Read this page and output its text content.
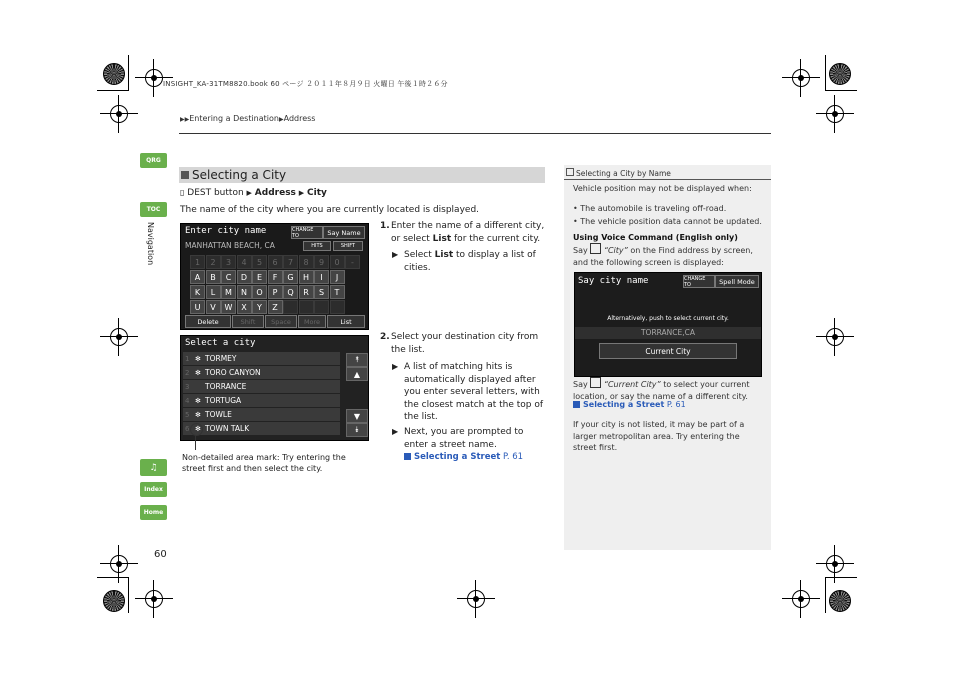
INSIGHT_KA-31TM8820.book 60 ページ ２０１１年８月９日 火曜日 午後１時２６分
▶▶Entering a Destination▶Address
QRG
TOC
Navigation
♫
Index
Home
60
Selecting a City
▯ DEST button ▶ Address ▶ City
The name of the city where you are currently located is displayed.
Enter city name	CHANGE TO	Say Name
MANHATTAN BEACH, CA	HITS	SHIFT
1	2	3	4	5	6	7	8	9	0	-
A	B	C	D	E	F	G	H	I	J
K	L	M	N	O	P	Q	R	S	T
U	V	W	X	Y	Z
Delete	Shift	Space	More	List
Select a city
1 ✻ TORMEY
2 ✻ TORO CANYON
3	TORRANCE
4 ✻ TORTUGA
5 ✻ TOWLE
6 ✻ TOWN TALK
⯭
▲
▼
⯯
Non-detailed area mark: Try entering the street first and then select the city.
1. Enter the name of a different city, or select List for the current city.
▶ Select List to display a list of cities.
2. Select your destination city from the list.
▶ A list of matching hits is automatically displayed after you enter several letters, with the closest match at the top of the list.
▶ Next, you are prompted to enter a street name.
Selecting a Street P. 61
Selecting a City by Name
Vehicle position may not be displayed when:
• The automobile is traveling off-road.
• The vehicle position data cannot be updated.
Using Voice Command (English only)
Say  “City” on the Find address by screen, and the following screen is displayed:
Say city name	CHANGE TO	Spell Mode
Alternatively, push to select current city.
TORRANCE,CA
Current City
Say  “Current City” to select your current location, or say the name of a different city.
Selecting a Street P. 61
If your city is not listed, it may be part of a larger metropolitan area. Try entering the street first.
